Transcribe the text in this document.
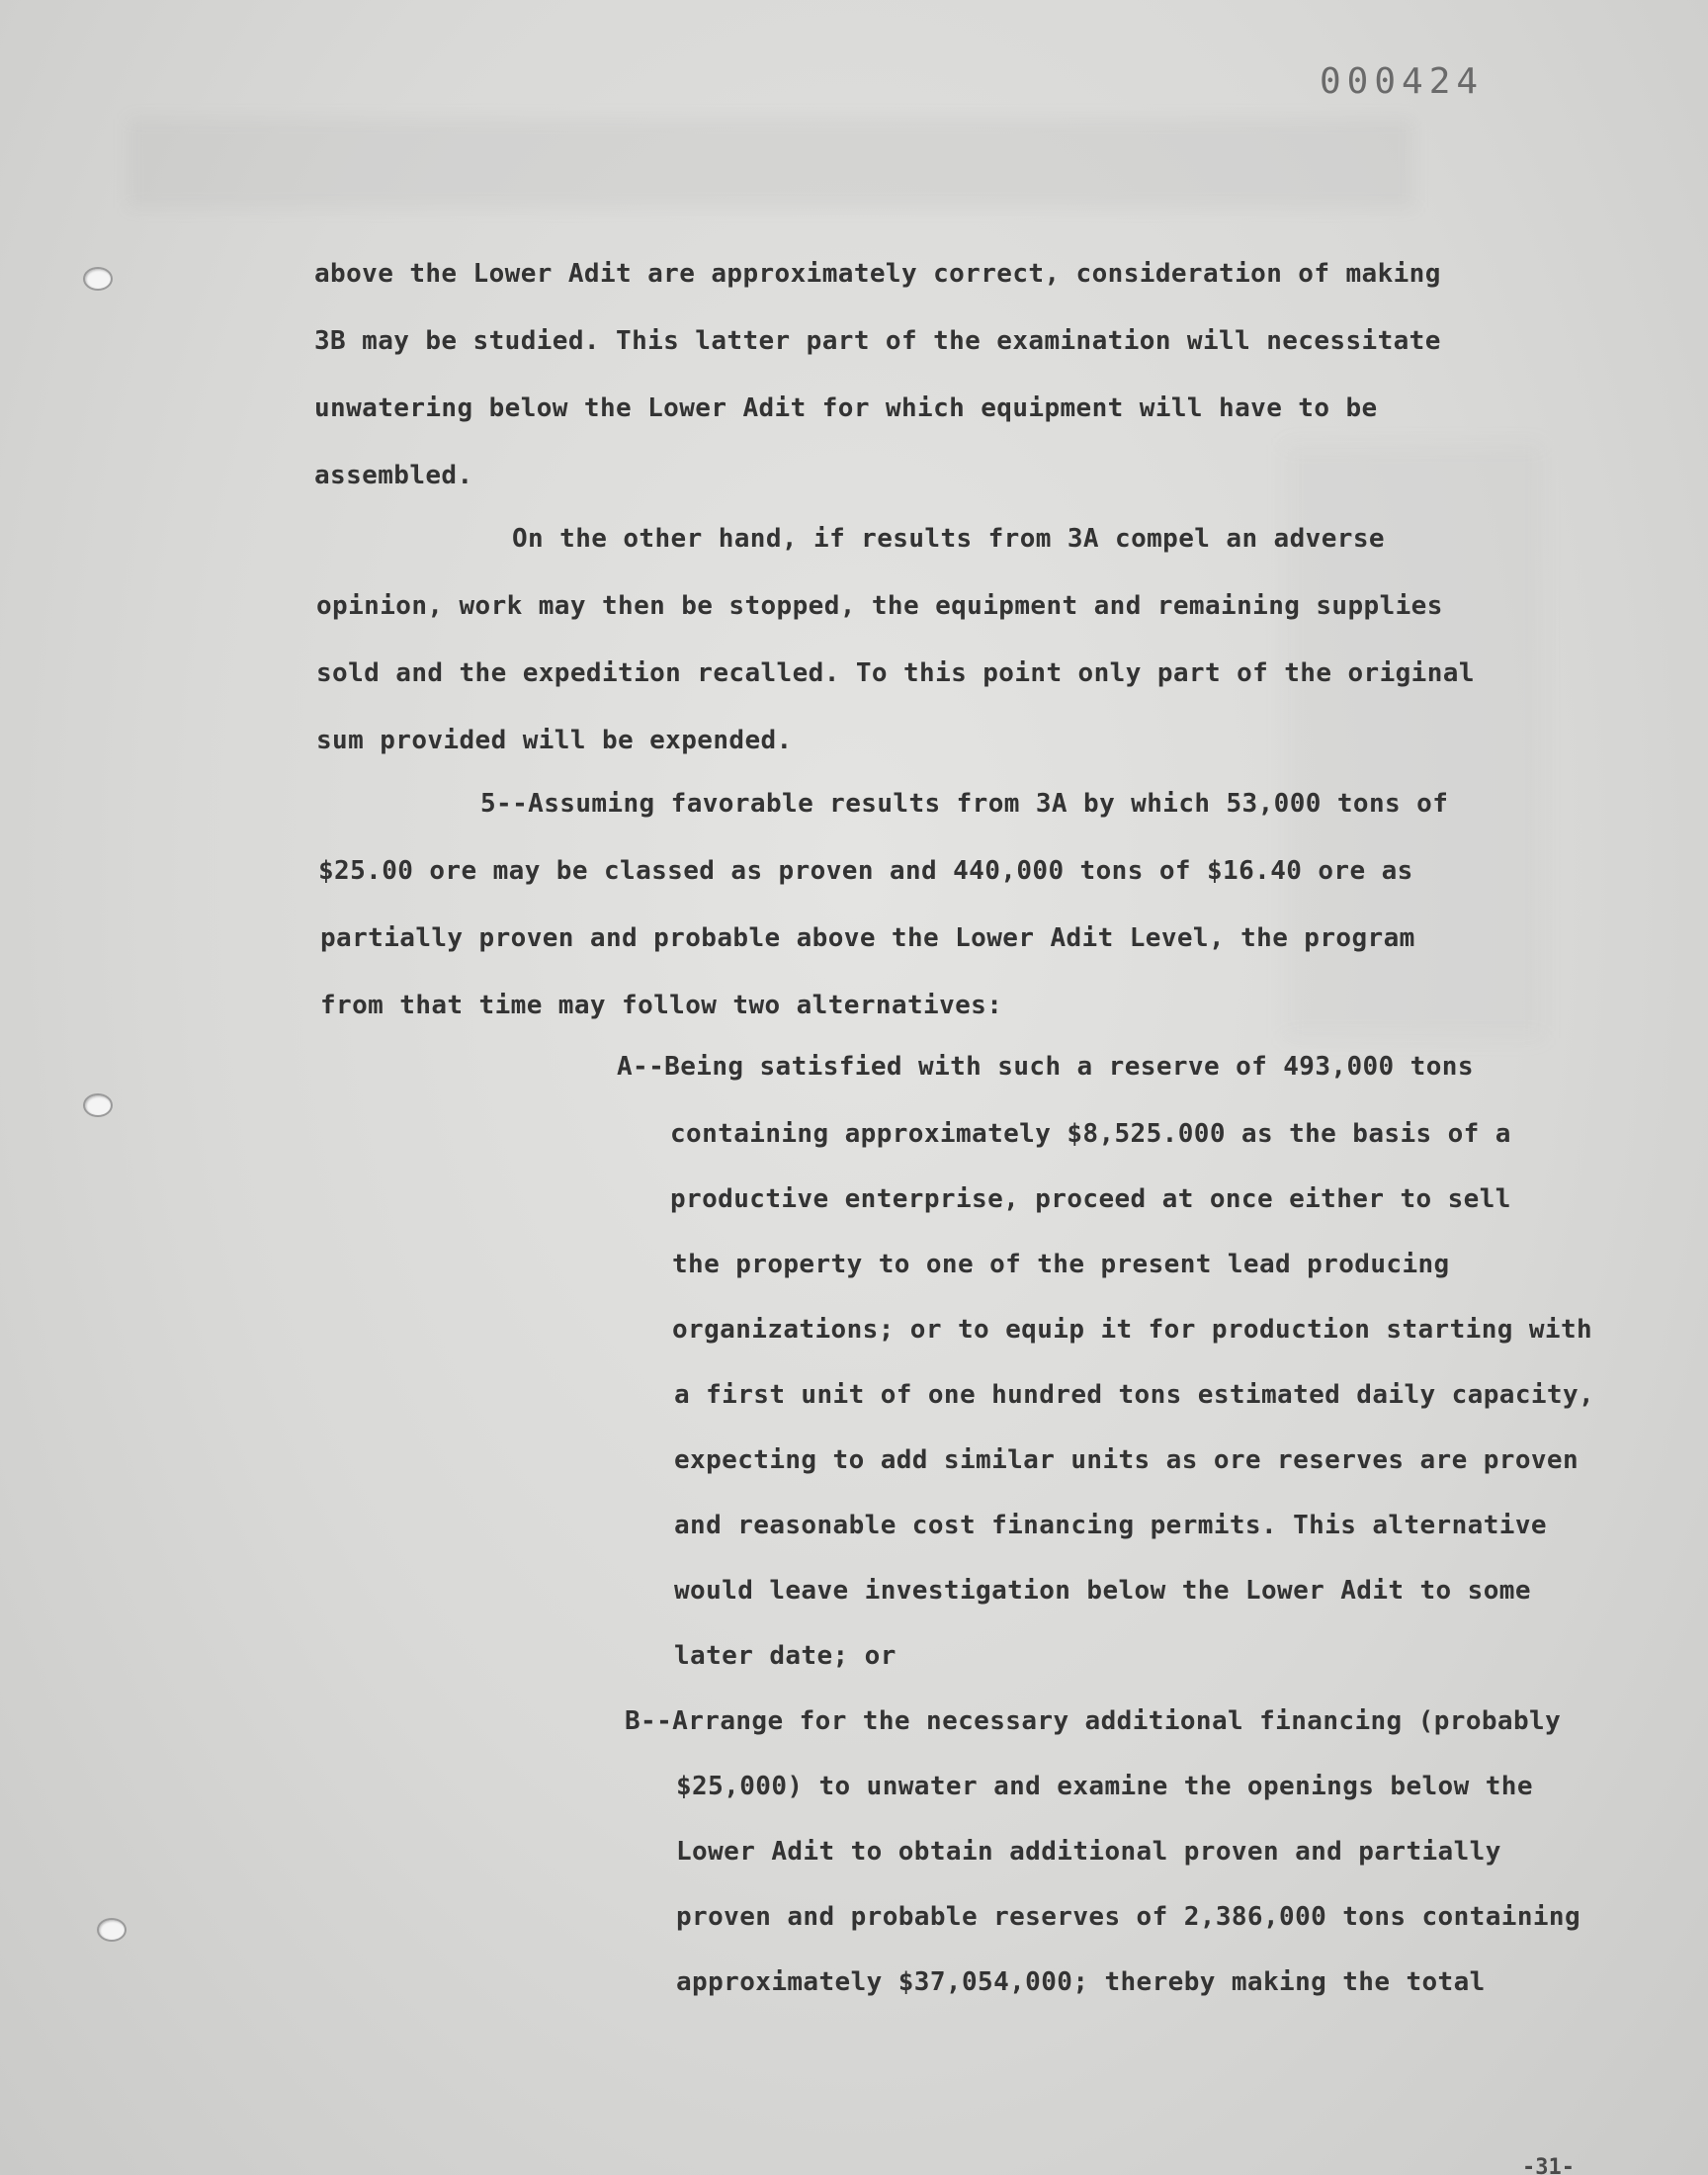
000424
above the Lower Adit are approximately correct, consideration of making
3B may be studied. This latter part of the examination will necessitate
unwatering below the Lower Adit for which equipment will have to be
assembled.
On the other hand, if results from 3A compel an adverse
opinion, work may then be stopped, the equipment and remaining supplies
sold and the expedition recalled. To this point only part of the original
sum provided will be expended.
5--Assuming favorable results from 3A by which 53,000 tons of
$25.00 ore may be classed as proven and 440,000 tons of $16.40 ore as
partially proven and probable above the Lower Adit Level, the program
from that time may follow two alternatives:
A--Being satisfied with such a reserve of 493,000 tons
containing approximately $8,525.000 as the basis of a
productive enterprise, proceed at once either to sell
the property to one of the present lead producing
organizations; or to equip it for production starting with
a first unit of one hundred tons estimated daily capacity,
expecting to add similar units as ore reserves are proven
and reasonable cost financing permits. This alternative
would leave investigation below the Lower Adit to some
later date; or
B--Arrange for the necessary additional financing (probably
$25,000) to unwater and examine the openings below the
Lower Adit to obtain additional proven and partially
proven and probable reserves of 2,386,000 tons containing
approximately $37,054,000; thereby making the total
-31-
